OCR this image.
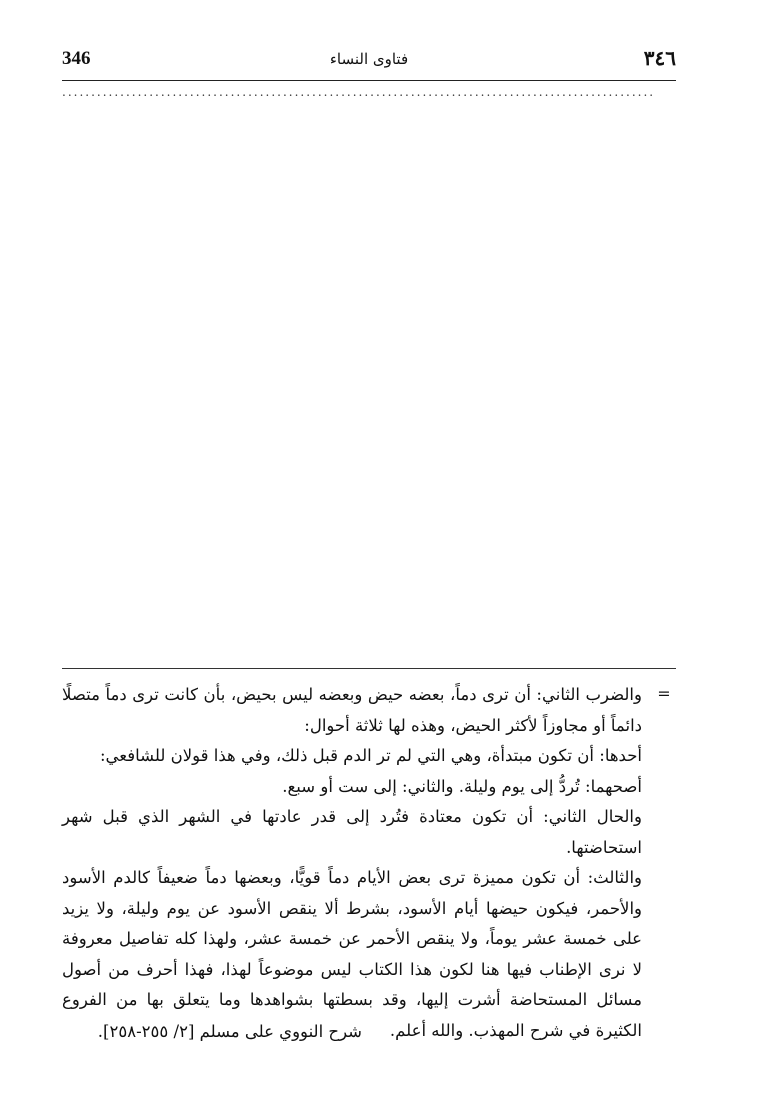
346	فتاوى النساء	٣٤٦
......................................................................................................
=

والضرب الثاني: أن ترى دماً، بعضه حيض وبعضه ليس بحيض، بأن كانت ترى دماً متصلًا دائماً أو مجاوزاً لأكثر الحيض، وهذه لها ثلاثة أحوال:

أحدها: أن تكون مبتدأة، وهي التي لم تر الدم قبل ذلك، وفي هذا قولان للشافعي:

أصحهما: تُردُّ إلى يوم وليلة. والثاني: إلى ست أو سبع.

والحال الثاني: أن تكون معتادة فتُرد إلى قدر عادتها في الشهر الذي قبل شهر استحاضتها.

والثالث: أن تكون مميزة ترى بعض الأيام دماً قويًّا، وبعضها دماً ضعيفاً كالدم الأسود والأحمر، فيكون حيضها أيام الأسود، بشرط ألا ينقص الأسود عن يوم وليلة، ولا يزيد على خمسة عشر يوماً، ولا ينقص الأحمر عن خمسة عشر، ولهذا كله تفاصيل معروفة لا نرى الإطناب فيها هنا لكون هذا الكتاب ليس موضوعاً لهذا، فهذا أحرف من أصول مسائل المستحاضة أشرت إليها، وقد بسطتها بشواهدها وما يتعلق بها من الفروع الكثيرة في شرح المهذب. والله أعلم.

شرح النووي على مسلم [٢/ ٢٥٥-٢٥٨].
